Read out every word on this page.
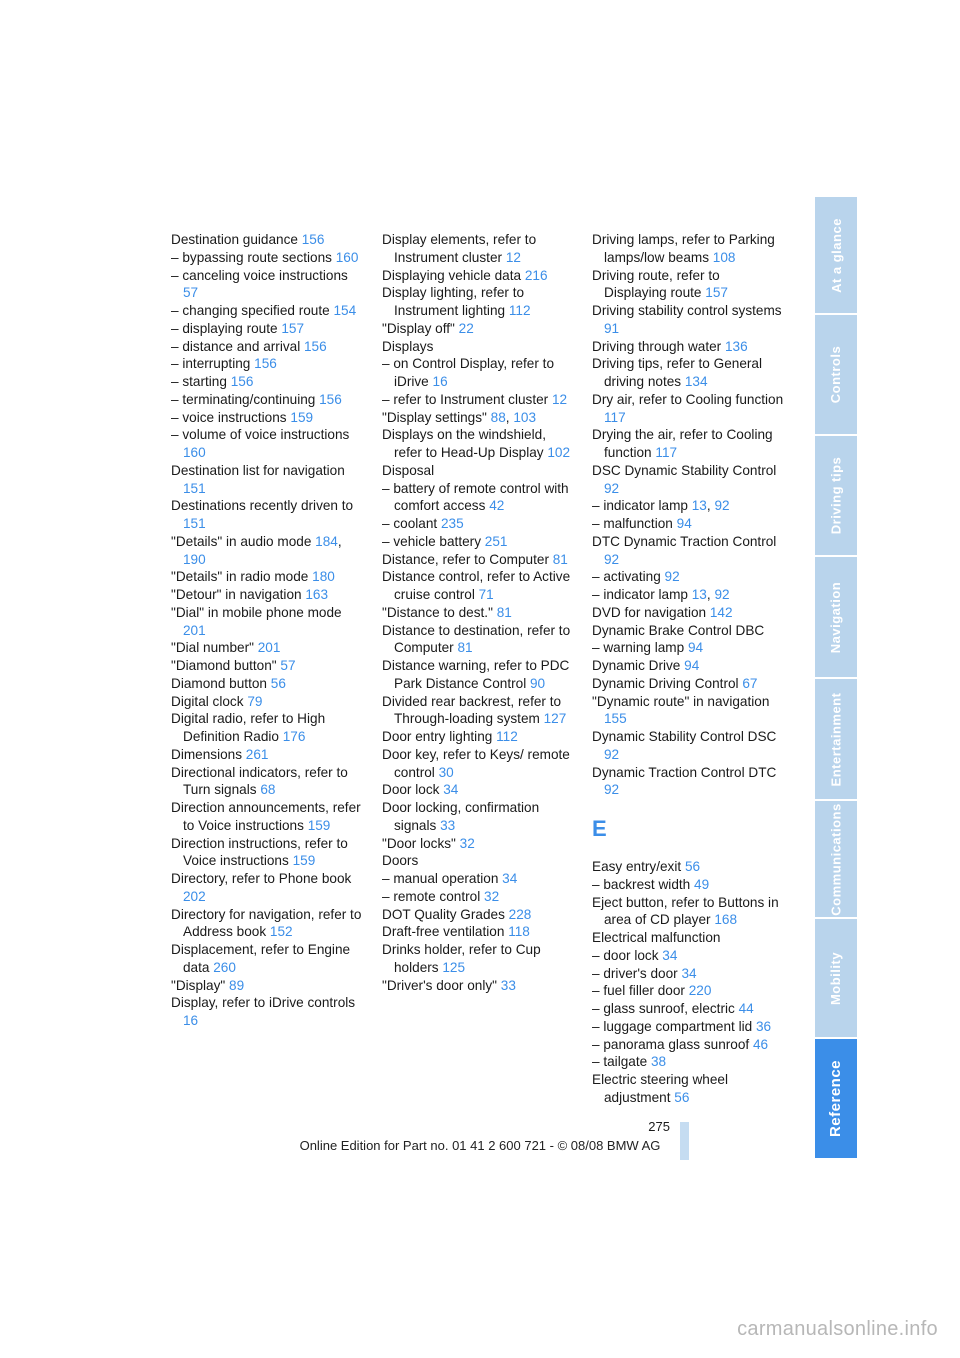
Destination guidance 156
– bypassing route sections 160
– canceling voice instructions 57
– changing specified route 154
– displaying route 157
– distance and arrival 156
– interrupting 156
– starting 156
– terminating/continuing 156
– voice instructions 159
– volume of voice instructions 160
Destination list for navigation 151
Destinations recently driven to 151
"Details" in audio mode 184, 190
"Details" in radio mode 180
"Detour" in navigation 163
"Dial" in mobile phone mode 201
"Dial number" 201
"Diamond button" 57
Diamond button 56
Digital clock 79
Digital radio, refer to High Definition Radio 176
Dimensions 261
Directional indicators, refer to Turn signals 68
Direction announcements, refer to Voice instructions 159
Direction instructions, refer to Voice instructions 159
Directory, refer to Phone book 202
Directory for navigation, refer to Address book 152
Displacement, refer to Engine data 260
"Display" 89
Display, refer to iDrive controls 16
Display elements, refer to Instrument cluster 12
Displaying vehicle data 216
Display lighting, refer to Instrument lighting 112
"Display off" 22
Displays
– on Control Display, refer to iDrive 16
– refer to Instrument cluster 12
"Display settings" 88, 103
Displays on the windshield, refer to Head-Up Display 102
Disposal
– battery of remote control with comfort access 42
– coolant 235
– vehicle battery 251
Distance, refer to Computer 81
Distance control, refer to Active cruise control 71
"Distance to dest." 81
Distance to destination, refer to Computer 81
Distance warning, refer to PDC Park Distance Control 90
Divided rear backrest, refer to Through-loading system 127
Door entry lighting 112
Door key, refer to Keys/ remote control 30
Door lock 34
Door locking, confirmation signals 33
"Door locks" 32
Doors
– manual operation 34
– remote control 32
DOT Quality Grades 228
Draft-free ventilation 118
Drinks holder, refer to Cup holders 125
"Driver's door only" 33
Driving lamps, refer to Parking lamps/low beams 108
Driving route, refer to Displaying route 157
Driving stability control systems 91
Driving through water 136
Driving tips, refer to General driving notes 134
Dry air, refer to Cooling function 117
Drying the air, refer to Cooling function 117
DSC Dynamic Stability Control 92
– indicator lamp 13, 92
– malfunction 94
DTC Dynamic Traction Control 92
– activating 92
– indicator lamp 13, 92
DVD for navigation 142
Dynamic Brake Control DBC
– warning lamp 94
Dynamic Drive 94
Dynamic Driving Control 67
"Dynamic route" in navigation 155
Dynamic Stability Control DSC 92
Dynamic Traction Control DTC 92
E
Easy entry/exit 56
– backrest width 49
Eject button, refer to Buttons in area of CD player 168
Electrical malfunction
– door lock 34
– driver's door 34
– fuel filler door 220
– glass sunroof, electric 44
– luggage compartment lid 36
– panorama glass sunroof 46
– tailgate 38
Electric steering wheel adjustment 56
At a glance
Controls
Driving tips
Navigation
Entertainment
Communications
Mobility
Reference
275
Online Edition for Part no. 01 41 2 600 721 - © 08/08 BMW AG
carmanualsonline.info
